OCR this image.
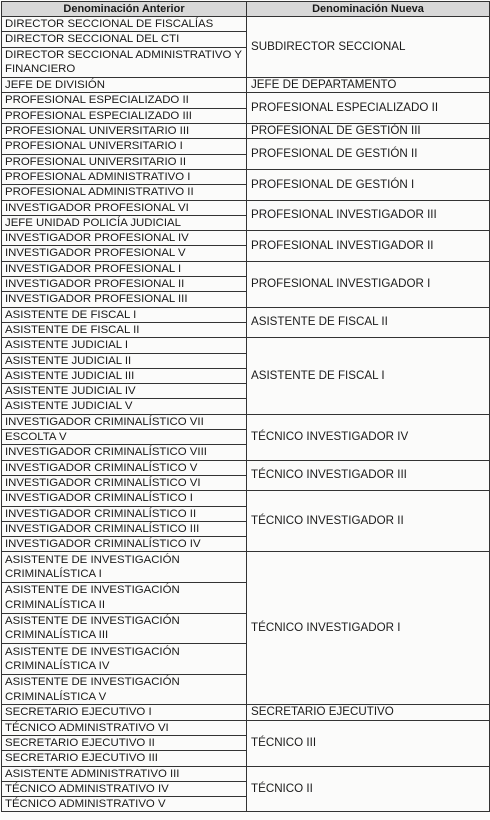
Denominación Anterior	Denominación Nueva
DIRECTOR SECCIONAL DE FISCALÍAS	SUBDIRECTOR SECCIONAL
DIRECTOR SECCIONAL DEL CTI	
DIRECTOR SECCIONAL ADMINISTRATIVO Y FINANCIERO	
JEFE DE DIVISIÓN	JEFE DE DEPARTAMENTO
PROFESIONAL ESPECIALIZADO II	PROFESIONAL ESPECIALIZADO II
PROFESIONAL ESPECIALIZADO III	
PROFESIONAL UNIVERSITARIO III	PROFESIONAL DE GESTIÓN III
PROFESIONAL UNIVERSITARIO I	PROFESIONAL DE GESTIÓN II
PROFESIONAL UNIVERSITARIO II	
PROFESIONAL ADMINISTRATIVO I	PROFESIONAL DE GESTIÓN I
PROFESIONAL ADMINISTRATIVO II	
INVESTIGADOR PROFESIONAL VI	PROFESIONAL INVESTIGADOR III
JEFE UNIDAD POLICÍA JUDICIAL	
INVESTIGADOR PROFESIONAL IV	PROFESIONAL INVESTIGADOR II
INVESTIGADOR PROFESIONAL V	
INVESTIGADOR PROFESIONAL I	PROFESIONAL INVESTIGADOR I
INVESTIGADOR PROFESIONAL II	
INVESTIGADOR PROFESIONAL III	
ASISTENTE DE FISCAL I	ASISTENTE DE FISCAL II
ASISTENTE DE FISCAL II	
ASISTENTE JUDICIAL I	ASISTENTE DE FISCAL I
ASISTENTE JUDICIAL II	
ASISTENTE JUDICIAL III	
ASISTENTE JUDICIAL IV	
ASISTENTE JUDICIAL V	
INVESTIGADOR CRIMINALÍSTICO VII	TÉCNICO INVESTIGADOR IV
ESCOLTA V	
INVESTIGADOR CRIMINALÍSTICO VIII	
INVESTIGADOR CRIMINALÍSTICO V	TÉCNICO INVESTIGADOR III
INVESTIGADOR CRIMINALÍSTICO VI	
INVESTIGADOR CRIMINALÍSTICO I	TÉCNICO INVESTIGADOR II
INVESTIGADOR CRIMINALÍSTICO II	
INVESTIGADOR CRIMINALÍSTICO III	
INVESTIGADOR CRIMINALÍSTICO IV	
ASISTENTE DE INVESTIGACIÓN CRIMINALÍSTICA I	TÉCNICO INVESTIGADOR I
ASISTENTE DE INVESTIGACIÓN CRIMINALÍSTICA II	
ASISTENTE DE INVESTIGACIÓN CRIMINALÍSTICA III	
ASISTENTE DE INVESTIGACIÓN CRIMINALÍSTICA IV	
ASISTENTE DE INVESTIGACIÓN CRIMINALÍSTICA V	
SECRETARIO EJECUTIVO I	SECRETARIO EJECUTIVO
TÉCNICO ADMINISTRATIVO VI	TÉCNICO III
SECRETARIO EJECUTIVO II	
SECRETARIO EJECUTIVO III	
ASISTENTE ADMINISTRATIVO III	TÉCNICO II
TÉCNICO ADMINISTRATIVO IV	
TÉCNICO ADMINISTRATIVO V	
